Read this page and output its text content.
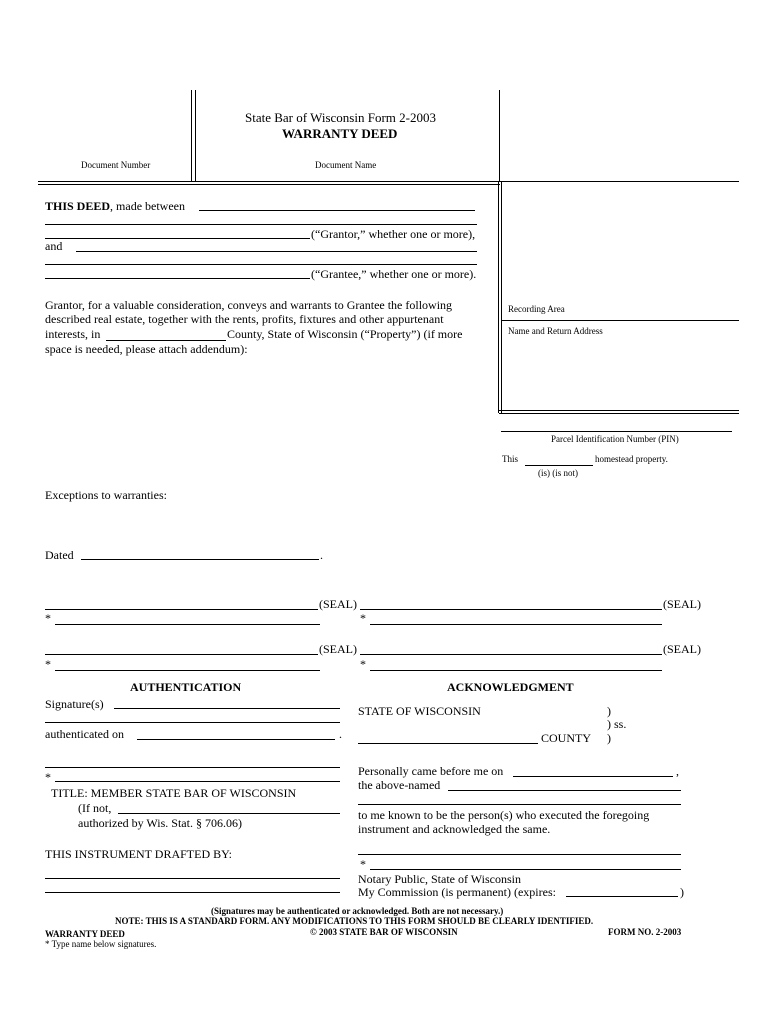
State Bar of Wisconsin Form 2-2003
WARRANTY DEED
Document Number	Document Name
THIS DEED, made between
(“Grantor,” whether one or more),
and
(“Grantee,” whether one or more).
Grantor, for a valuable consideration, conveys and warrants to Grantee the following
described real estate, together with the rents, profits, fixtures and other appurtenant
interests, in	County, State of Wisconsin (“Property”) (if more
space is needed, please attach addendum):
Recording Area
Name and Return Address
Parcel Identification Number (PIN)
This	homestead property.
(is) (is not)
Exceptions to warranties:
Dated	.
(SEAL)	(SEAL)
*	*
(SEAL)	(SEAL)
*	*
AUTHENTICATION
Signature(s)
authenticated on	.
*
TITLE: MEMBER STATE BAR OF WISCONSIN
(If not,
authorized by Wis. Stat. § 706.06)
THIS INSTRUMENT DRAFTED BY:
ACKNOWLEDGMENT
STATE OF WISCONSIN	)
) ss.
COUNTY )
Personally came before me on	,
the above-named
to me known to be the person(s) who executed the foregoing
instrument and acknowledged the same.
*
Notary Public, State of Wisconsin
My Commission (is permanent) (expires:	)
(Signatures may be authenticated or acknowledged. Both are not necessary.)
NOTE: THIS IS A STANDARD FORM. ANY MODIFICATIONS TO THIS FORM SHOULD BE CLEARLY IDENTIFIED.
WARRANTY DEED	© 2003 STATE BAR OF WISCONSIN	FORM NO. 2-2003
* Type name below signatures.
